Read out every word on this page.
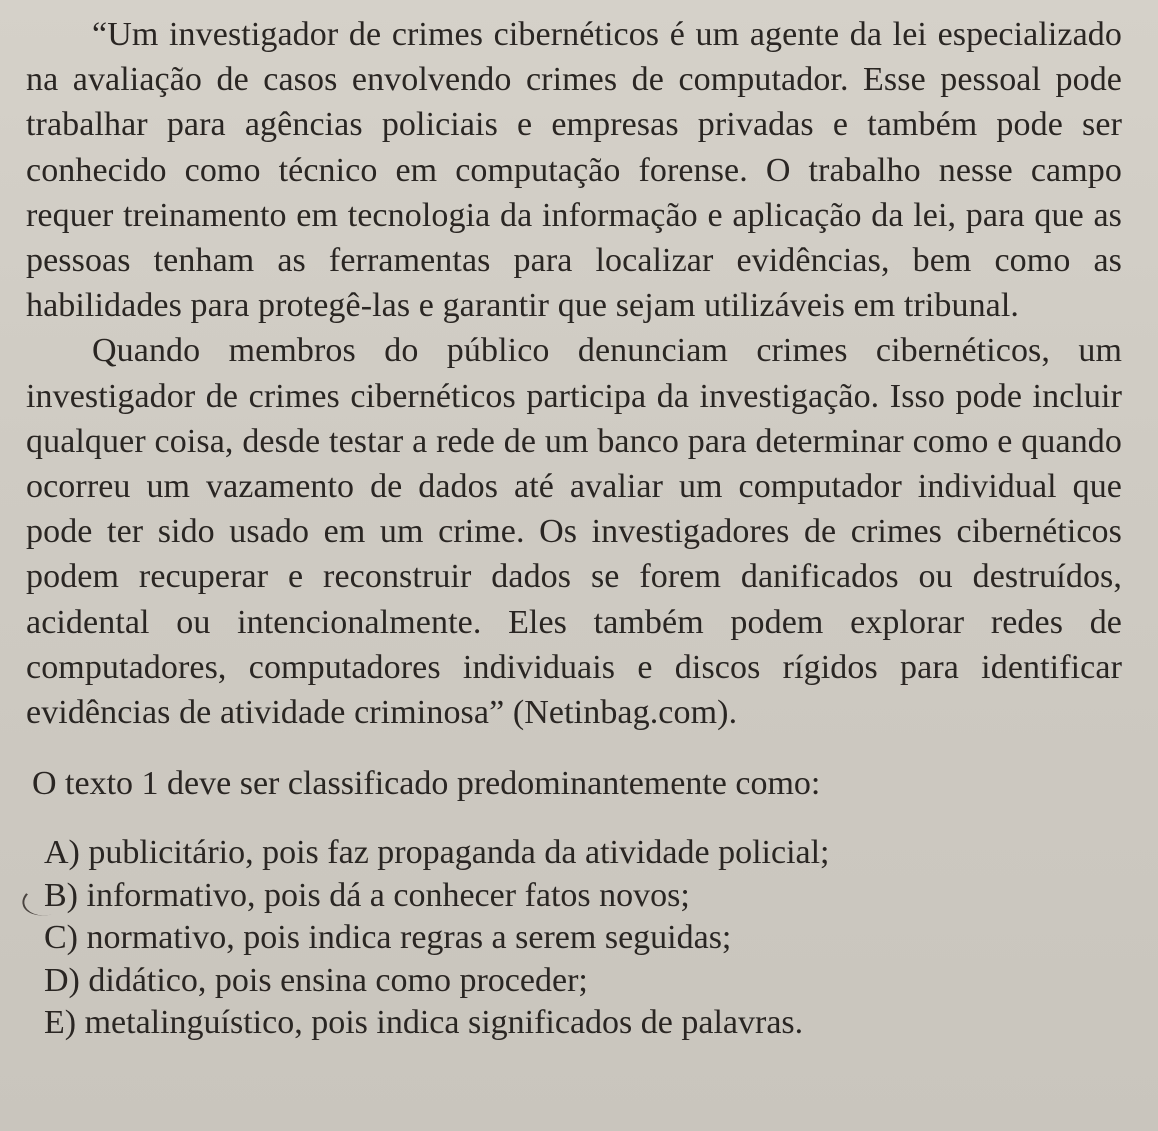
“Um investigador de crimes cibernéticos é um agente da lei especializado na avaliação de casos envolvendo crimes de computador. Esse pessoal pode trabalhar para agências policiais e empresas privadas e também pode ser conhecido como técnico em computação forense. O trabalho nesse campo requer treinamento em tecnologia da informação e aplicação da lei, para que as pessoas tenham as ferramentas para localizar evidências, bem como as habilidades para protegê-las e garantir que sejam utilizáveis em tribunal.

Quando membros do público denunciam crimes cibernéticos, um investigador de crimes cibernéticos participa da investigação. Isso pode incluir qualquer coisa, desde testar a rede de um banco para determinar como e quando ocorreu um vazamento de dados até avaliar um computador individual que pode ter sido usado em um crime. Os investigadores de crimes cibernéticos podem recuperar e reconstruir dados se forem danificados ou destruídos, acidental ou intencionalmente. Eles também podem explorar redes de computadores, computadores individuais e discos rígidos para identificar evidências de atividade criminosa” (Netinbag.com).

O texto 1 deve ser classificado predominantemente como:

A) publicitário, pois faz propaganda da atividade policial;
B) informativo, pois dá a conhecer fatos novos;
C) normativo, pois indica regras a serem seguidas;
D) didático, pois ensina como proceder;
E) metalinguístico, pois indica significados de palavras.
